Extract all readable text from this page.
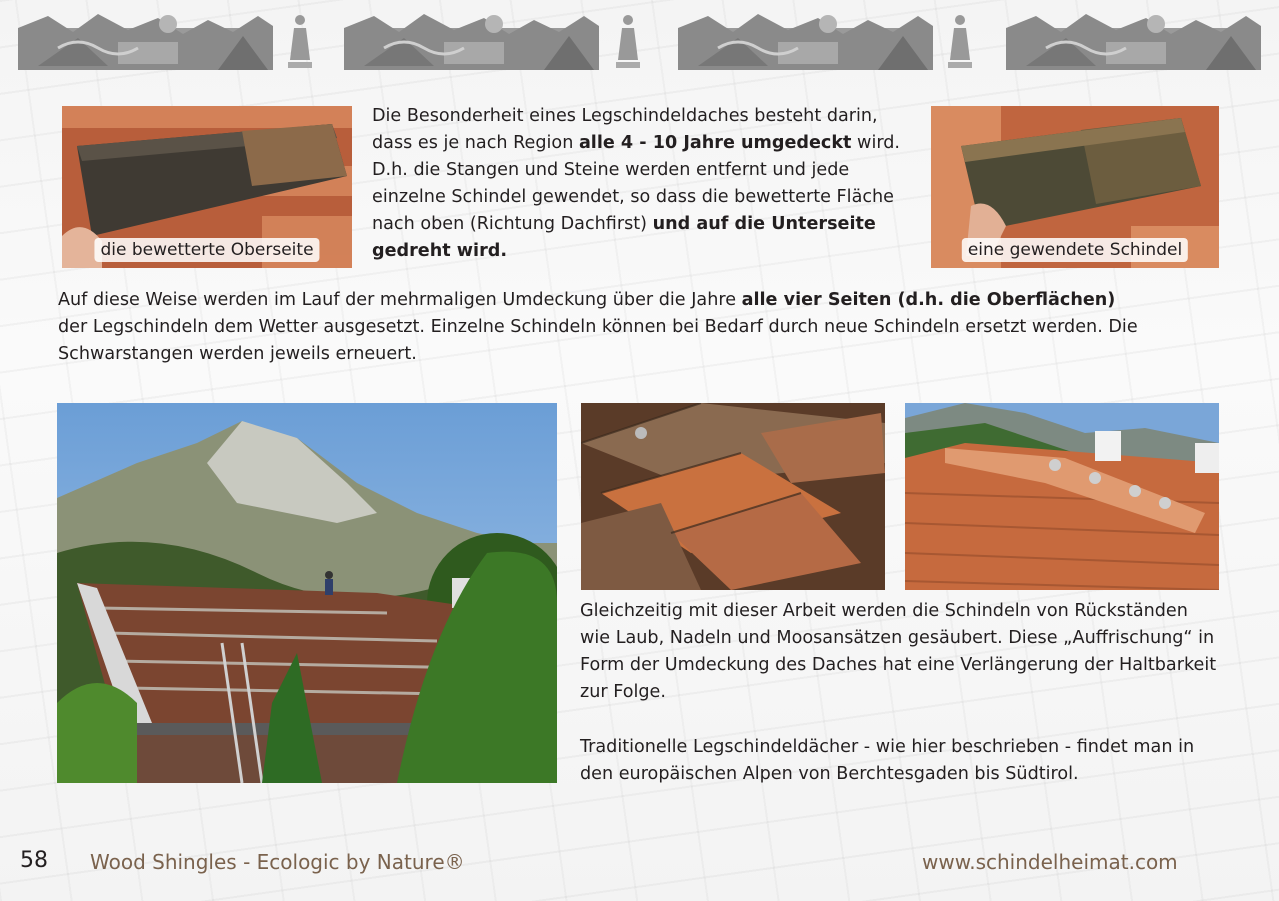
die bewetterte Oberseite
Die Besonderheit eines Legschindeldaches besteht darin, dass es je nach Region alle 4 - 10 Jahre umgedeckt wird. D.h. die Stangen und Steine werden entfernt und jede einzelne Schindel gewendet, so dass die bewetterte Fläche nach oben (Richtung Dachfirst) und auf die Unterseite gedreht wird.	eine gewendete Schindel
Auf diese Weise werden im Lauf der mehrmaligen Umdeckung über die Jahre alle vier Seiten (d.h. die Oberflächen) der Legschindeln dem Wetter ausgesetzt. Einzelne Schindeln können bei Bedarf durch neue Schindeln ersetzt werden. Die Schwarstangen werden jeweils erneuert.
Gleichzeitig mit dieser Arbeit werden die Schindeln von Rückständen wie Laub, Nadeln und Moosansätzen gesäubert. Diese „Auffrischung“ in Form der Umdeckung des Daches hat eine Verlängerung der Haltbarkeit zur Folge.
Traditionelle Legschindeldächer - wie hier beschrieben - findet man in den europäischen Alpen von Berchtesgaden bis Südtirol.
58 Wood Shingles - Ecologic by Nature®	www.schindelheimat.com
